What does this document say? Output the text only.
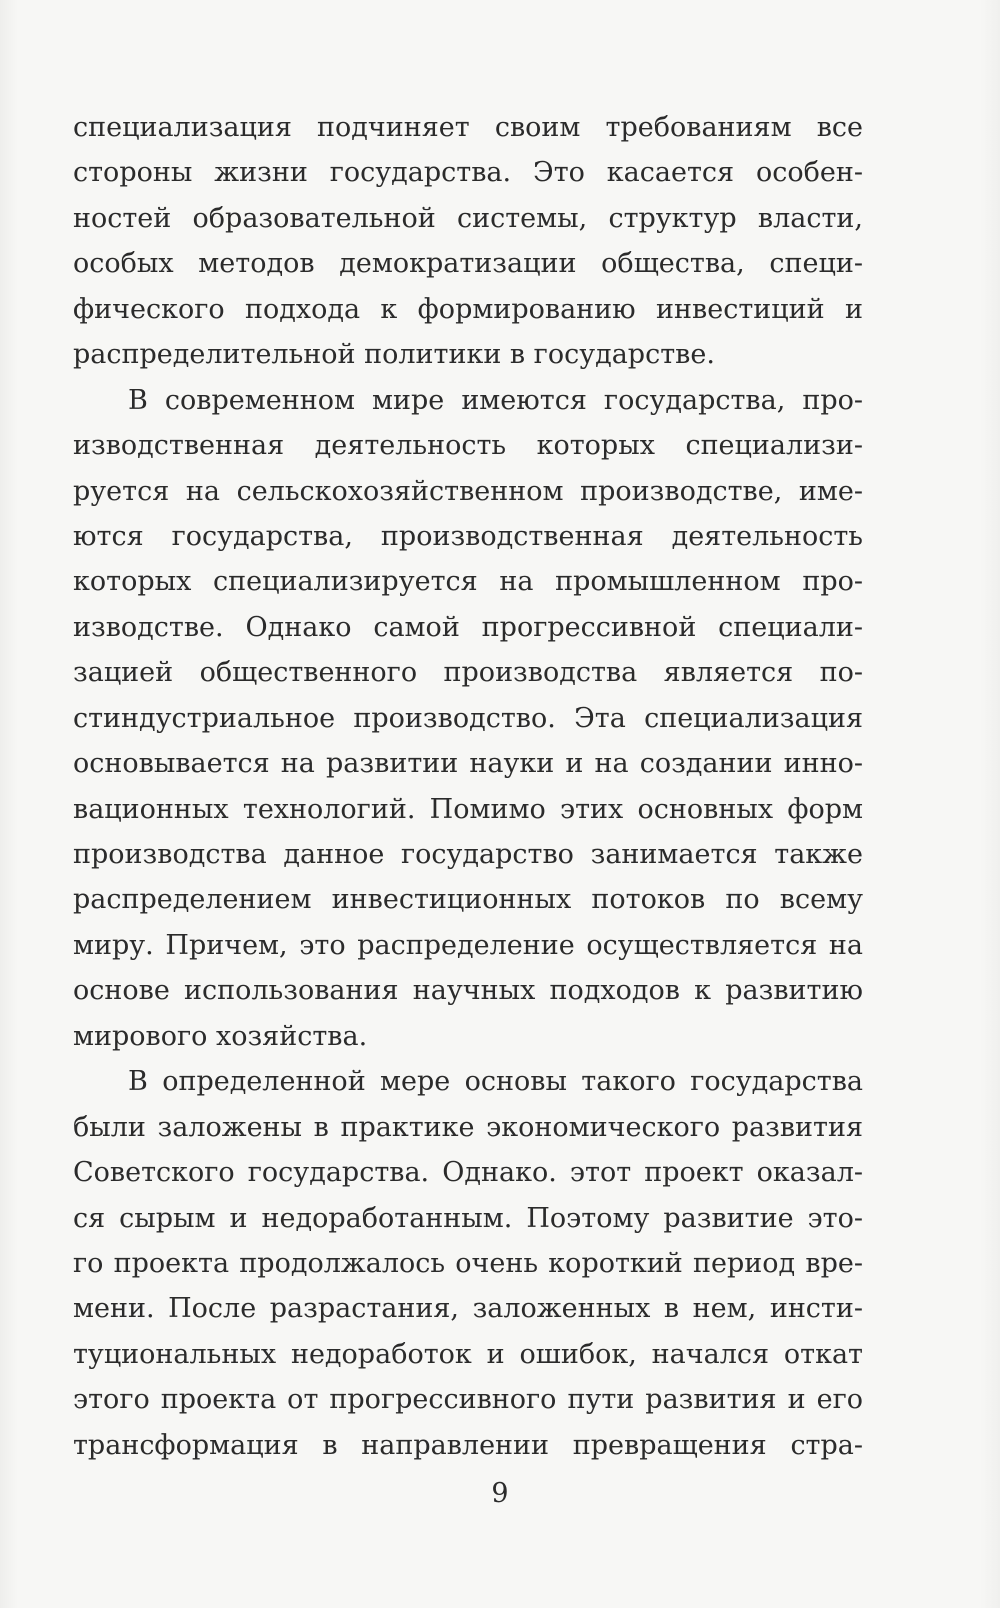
специализация подчиняет своим требованиям все
стороны жизни государства. Это касается особен-
ностей образовательной системы, структур власти,
особых методов демократизации общества, специ-
фического подхода к формированию инвестиций и
распределительной политики в государстве.
В современном мире имеются государства, про-
изводственная деятельность которых специализи-
руется на сельскохозяйственном производстве, име-
ются государства, производственная деятельность
которых специализируется на промышленном про-
изводстве. Однако самой прогрессивной специали-
зацией общественного производства является по-
стиндустриальное производство. Эта специализация
основывается на развитии науки и на создании инно-
вационных технологий. Помимо этих основных форм
производства данное государство занимается также
распределением инвестиционных потоков по всему
миру. Причем, это распределение осуществляется на
основе использования научных подходов к развитию
мирового хозяйства.
В определенной мере основы такого государства
были заложены в практике экономического развития
Советского государства. Однако. этот проект оказал-
ся сырым и недоработанным. Поэтому развитие это-
го проекта продолжалось очень короткий период вре-
мени. После разрастания, заложенных в нем, инсти-
туциональных недоработок и ошибок, начался откат
этого проекта от прогрессивного пути развития и его
трансформация в направлении превращения стра-
9
